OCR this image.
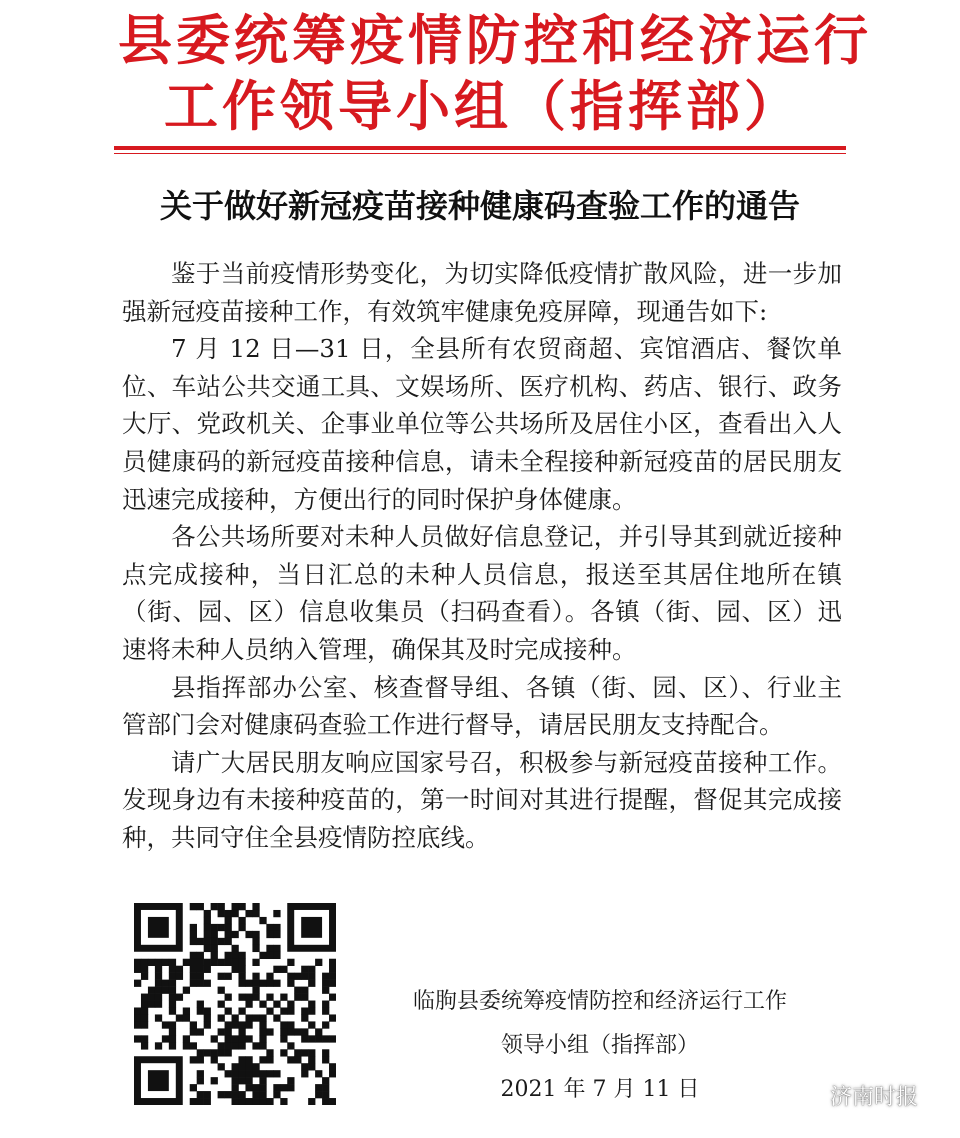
县委统筹疫情防控和经济运行
工作领导小组（指挥部）
关于做好新冠疫苗接种健康码查验工作的通告

鉴于当前疫情形势变化，为切实降低疫情扩散风险，进一步加强新冠疫苗接种工作，有效筑牢健康免疫屏障，现通告如下:

7 月 12 日—31 日，全县所有农贸商超、宾馆酒店、餐饮单位、车站公共交通工具、文娱场所、医疗机构、药店、银行、政务大厅、党政机关、企事业单位等公共场所及居住小区，查看出入人员健康码的新冠疫苗接种信息，请未全程接种新冠疫苗的居民朋友迅速完成接种，方便出行的同时保护身体健康。

各公共场所要对未种人员做好信息登记，并引导其到就近接种点完成接种，当日汇总的未种人员信息，报送至其居住地所在镇（街、园、区）信息收集员（扫码查看）。各镇（街、园、区）迅速将未种人员纳入管理，确保其及时完成接种。

县指挥部办公室、核查督导组、各镇（街、园、区）、行业主管部门会对健康码查验工作进行督导，请居民朋友支持配合。

请广大居民朋友响应国家号召，积极参与新冠疫苗接种工作。发现身边有未接种疫苗的，第一时间对其进行提醒，督促其完成接种，共同守住全县疫情防控底线。

临朐县委统筹疫情防控和经济运行工作
领导小组（指挥部）
2021 年 7 月 11 日	济南时报
